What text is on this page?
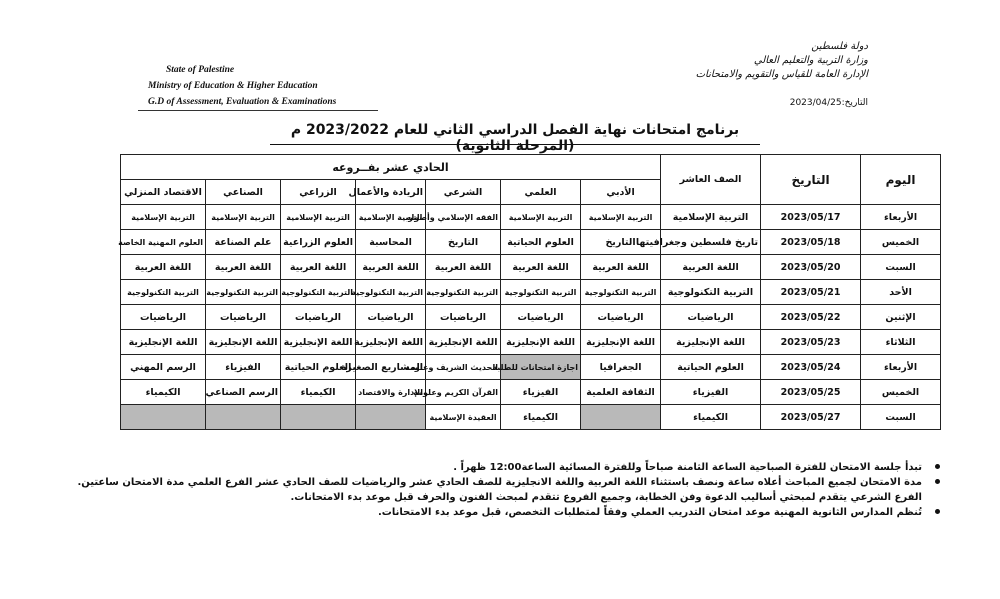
State of Palestine
Ministry of Education & Higher Education
G.D of Assessment, Evaluation & Examinations
دولة فلسطين
وزارة التربية والتعليم العالي
الإدارة العامة للقياس والتقويم والامتحانات
التاريخ:2023/04/25
برنامج امتحانات نهاية الفصل الدراسي الثاني للعام 2023/2022 م (المرحلة الثانوية)
اليوم	التاريخ	الصف العاشر	الحادي عشر بفــروعه						
			الأدبي	العلمي	الشرعي	الريادة والأعمال	الزراعي	الصناعي	الاقتصاد المنزلي
الأربعاء	2023/05/17	التربية الإسلامية	التربية الإسلامية	التربية الإسلامية	الفقه الإسلامي وأصوله	التربية الإسلامية	التربية الإسلامية	التربية الإسلامية	التربية الإسلامية
الخميس	2023/05/18	تاريخ فلسطين وجغرافيتها	التاريخ	العلوم الحياتية	التاريخ	المحاسبة	العلوم الزراعية	علم الصناعة	العلوم المهنية الخاصة
السبت	2023/05/20	اللغة العربية	اللغة العربية	اللغة العربية	اللغة العربية	اللغة العربية	اللغة العربية	اللغة العربية	اللغة العربية
الأحد	2023/05/21	التربية التكنولوجية	التربية التكنولوجية	التربية التكنولوجية	التربية التكنولوجية	التربية التكنولوجية	التربية التكنولوجية	التربية التكنولوجية	التربية التكنولوجية
الإثنين	2023/05/22	الرياضيات	الرياضيات	الرياضيات	الرياضيات	الرياضيات	الرياضيات	الرياضيات	الرياضيات
الثلاثاء	2023/05/23	اللغة الإنجليزية	اللغة الإنجليزية	اللغة الإنجليزية	اللغة الإنجليزية	اللغة الإنجليزية	اللغة الإنجليزية	اللغة الإنجليزية	اللغة الإنجليزية
الأربعاء	2023/05/24	العلوم الحياتية	الجغرافيا	اجازة امتحانات للطلبة	الحديث الشريف وعلومه	المشاريع الصغيرة	العلوم الحياتية	الفيزياء	الرسم المهني
الخميس	2023/05/25	الفيزياء	الثقافة العلمية	الفيزياء	القرآن الكريم وعلومه	الإدارة والاقتصاد	الكيمياء	الرسم الصناعي	الكيمياء
السبت	2023/05/27	الكيمياء		الكيمياء	العقيدة الإسلامية				
تبدأ جلسة الامتحان للفترة الصباحية الساعة الثامنة صباحاً وللفترة المسائية الساعة12:00 ظهراً .
مدة الامتحان لجميع المباحث أعلاه ساعة ونصف باستثناء اللغة العربية واللغة الانجليزية للصف الحادي عشر والرياضيات للصف الحادي عشر الفرع العلمي مدة الامتحان ساعتين.
الفرع الشرعي يتقدم لمبحثي أساليب الدعوة وفن الخطابة، وجميع الفروع تتقدم لمبحث الفنون والحرف قبل موعد بدء الامتحانات.
تُنظم المدارس الثانوية المهنية موعد امتحان التدريب العملي وفقاً لمتطلبات التخصص، قبل موعد بدء الامتحانات.
